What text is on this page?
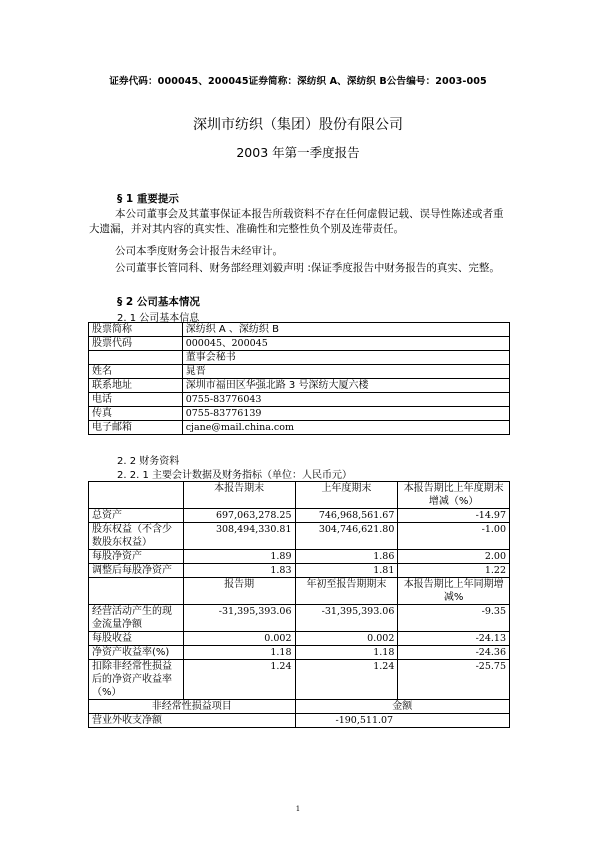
证券代码：000045、200045证券简称：深纺织 A、深纺织 B公告编号：2003-005
深圳市纺织（集团）股份有限公司
2003 年第一季度报告
§ 1 重要提示
本公司董事会及其董事保证本报告所载资料不存在任何虚假记载、误导性陈述或者重大遗漏，并对其内容的真实性、准确性和完整性负个别及连带责任。
公司本季度财务会计报告未经审计。
公司董事长管同科、财务部经理刘毅声明 :保证季度报告中财务报告的真实、完整。
§ 2 公司基本情况
2. 1 公司基本信息
股票简称	深纺织 A 、深纺织 B
股票代码	000045、200045
	董事会秘书
姓名	晁晋
联系地址	深圳市福田区华强北路 3 号深纺大厦六楼
电话	0755-83776043
传真	0755-83776139
电子邮箱	cjane@mail.china.com
2. 2 财务资料
2. 2. 1 主要会计数据及财务指标（单位：人民币元）
	本报告期末	上年度期末	本报告期比上年度期末增减（%）
总资产	697,063,278.25	746,968,561.67	-14.97
股东权益（不含少数股东权益）	308,494,330.81	304,746,621.80	-1.00
每股净资产	1.89	1.86	2.00
调整后每股净资产	1.83	1.81	1.22
	报告期	年初至报告期期末	本报告期比上年同期增减%
经营活动产生的现金流量净额	-31,395,393.06	-31,395,393.06	-9.35
每股收益	0.002	0.002	-24.13
净资产收益率(%)	1.18	1.18	-24.36
扣除非经常性损益后的净资产收益率（%）	1.24	1.24	-25.75
非经常性损益项目		金额	
营业外收支净额		-190,511.07	
1
